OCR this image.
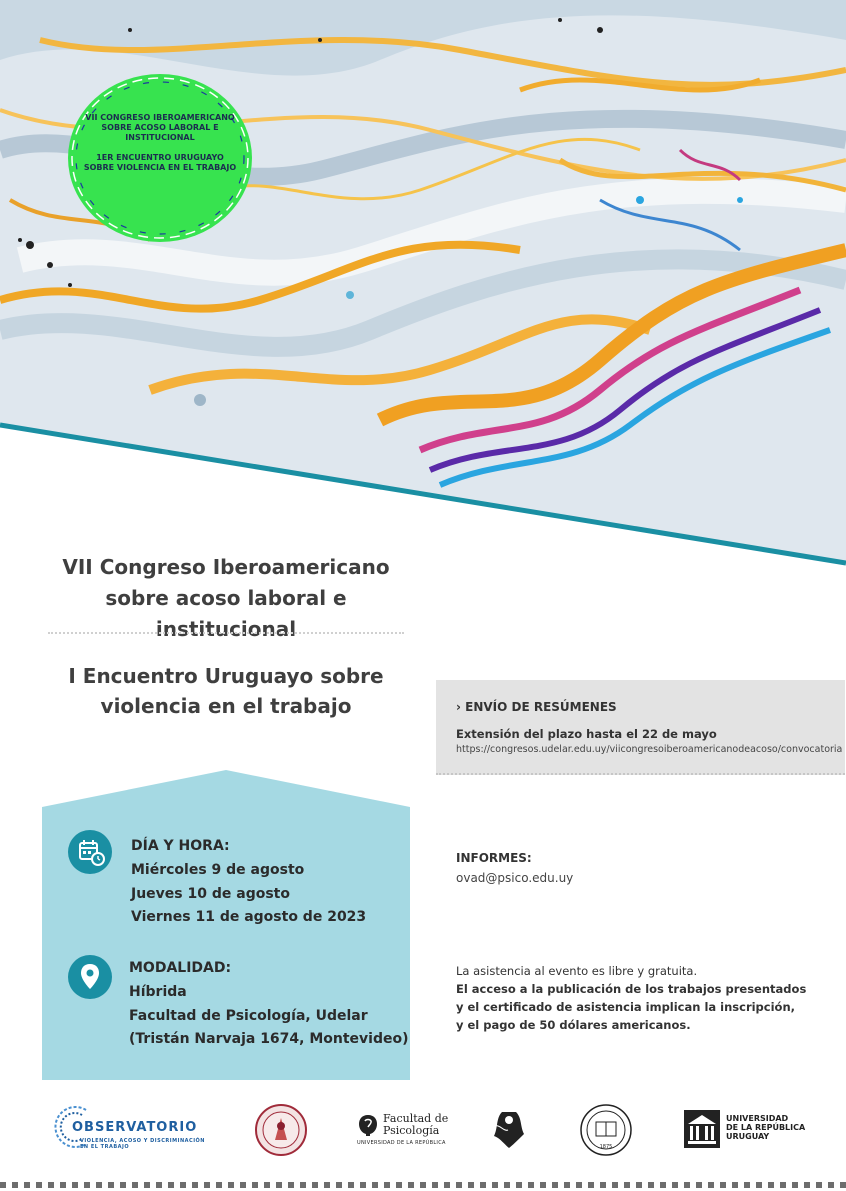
VII CONGRESO IBEROAMERICANO SOBRE ACOSO LABORAL E INSTITUCIONAL

1ER ENCUENTRO URUGUAYO SOBRE VIOLENCIA EN EL TRABAJO

VII Congreso Iberoamericano
sobre acoso laboral e institucional
I Encuentro Uruguayo sobre
violencia en el trabajo	› ENVÍO DE RESÚMENES
Extensión del plazo hasta el 22 de mayo
https://congresos.udelar.edu.uy/viicongresoiberoamericanodeacoso/convocatoria
DÍA Y HORA:
Miércoles 9 de agosto
Jueves 10 de agosto
Viernes 11 de agosto de 2023
MODALIDAD:
Híbrida
Facultad de Psicología, Udelar
(Tristán Narvaja 1674, Montevideo)
INFORMES:
ovad@psico.edu.uy
La asistencia al evento es libre y gratuita.
El acceso a la publicación de los trabajos presentados
y el certificado de asistencia implican la inscripción,
y el pago de 50 dólares americanos.
OBSERVATORIO
VIOLENCIA, ACOSO Y DISCRIMINACIÓN
EN EL TRABAJO
Facultad de
Psicología
UNIVERSIDAD DE LA REPÚBLICA
1875
UNIVERSIDAD
DE LA REPÚBLICA
URUGUAY
